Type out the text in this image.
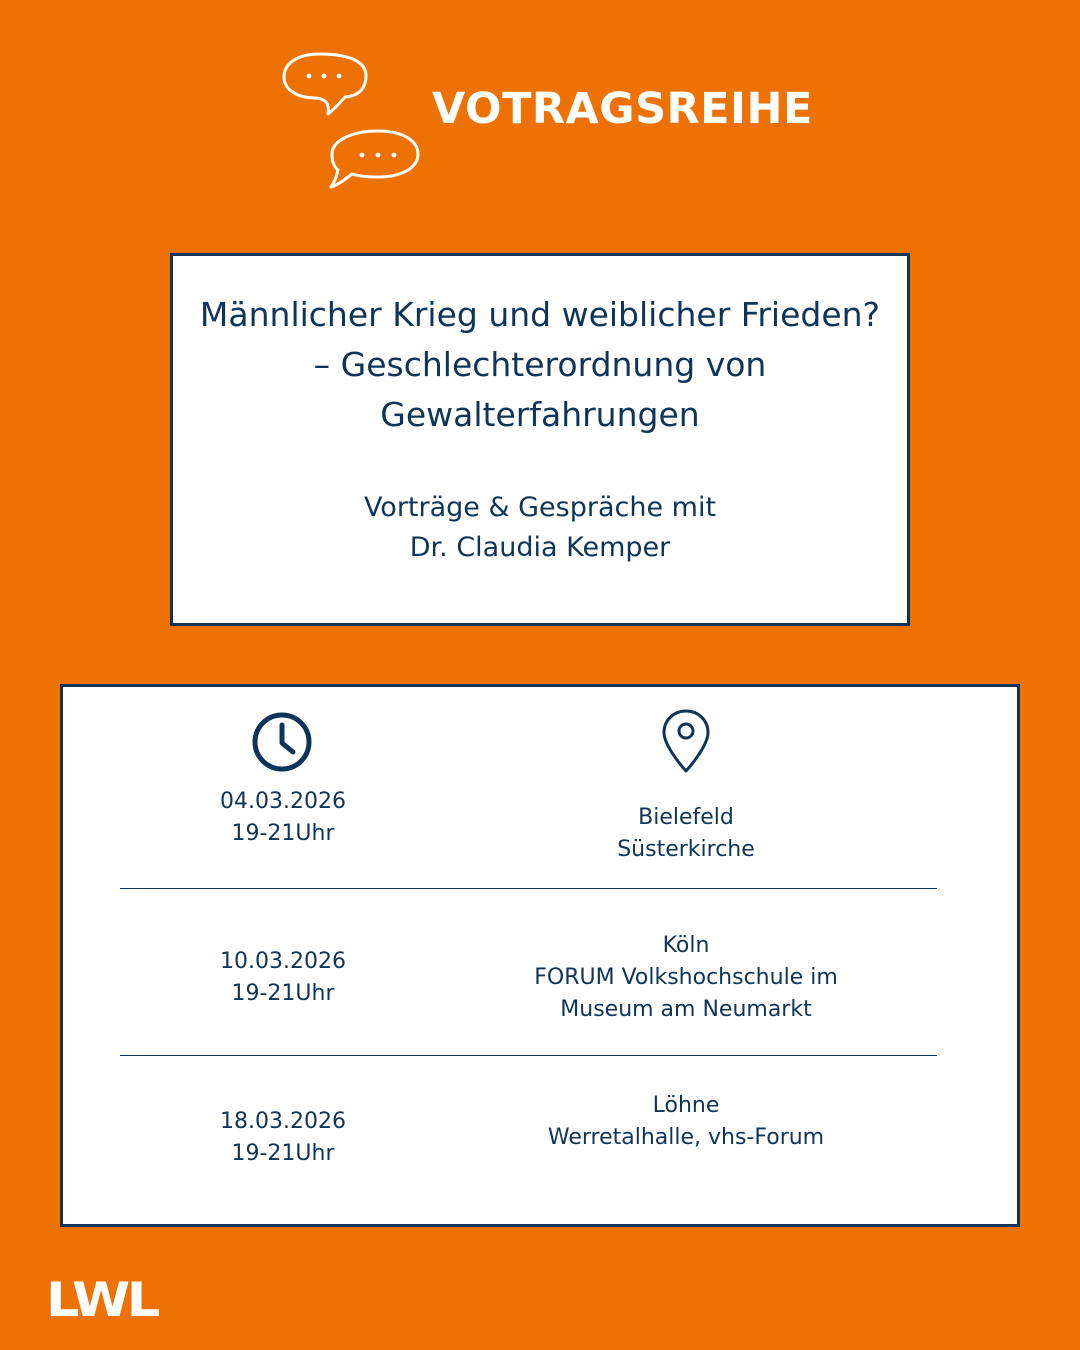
VOTRAGSREIHE
Männlicher Krieg und weiblicher Frieden?
– Geschlechterordnung von
Gewalterfahrungen
Vorträge & Gespräche mit
Dr. Claudia Kemper
04.03.2026
19-21Uhr
Bielefeld
Süsterkirche
10.03.2026
19-21Uhr
Köln
FORUM Volkshochschule im
Museum am Neumarkt
18.03.2026
19-21Uhr
Löhne
Werretalhalle, vhs-Forum
LWL
